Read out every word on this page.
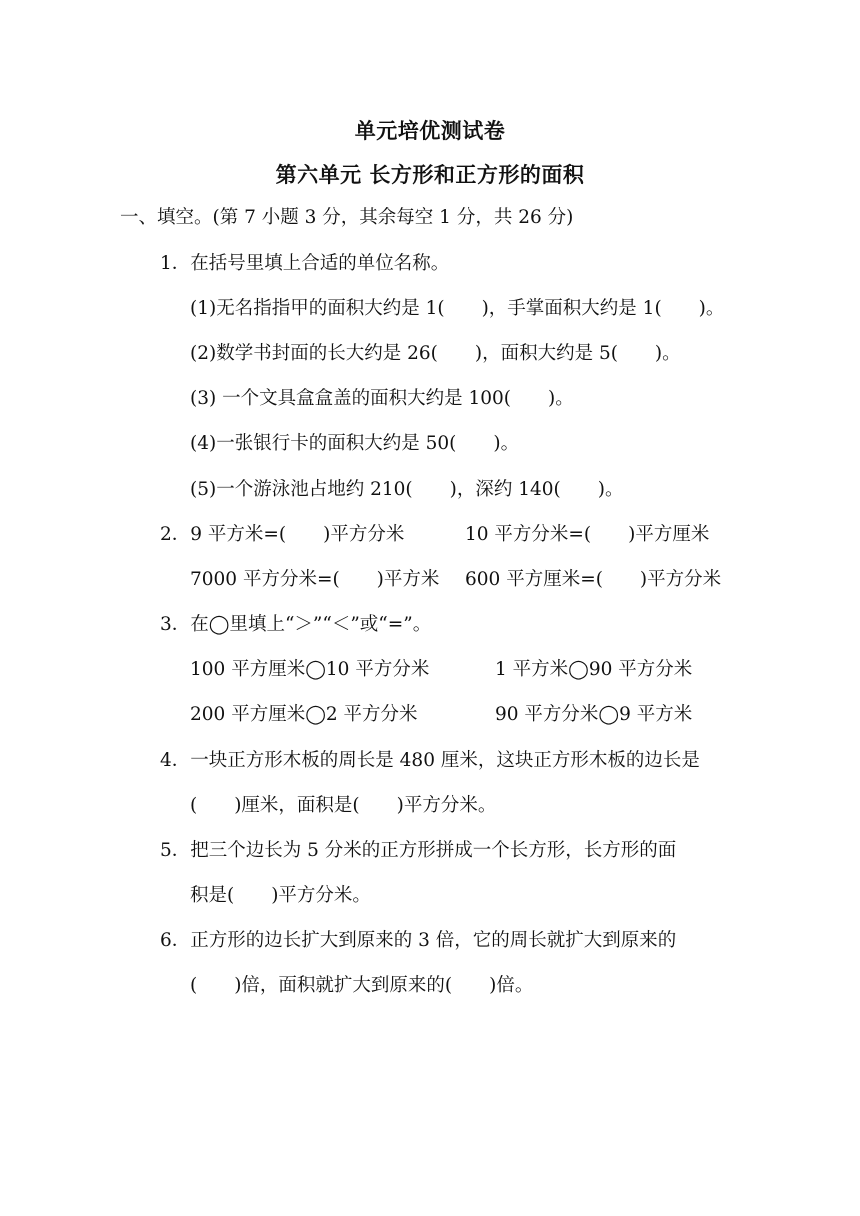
单元培优测试卷
第六单元 长方形和正方形的面积
一、填空。(第 7 小题 3 分，其余每空 1 分，共 26 分)
1．在括号里填上合适的单位名称。
(1)无名指指甲的面积大约是 1(　　)，手掌面积大约是 1(　　)。
(2)数学书封面的长大约是 26(　　)，面积大约是 5(　　)。
(3) 一个文具盒盒盖的面积大约是 100(　　)。
(4)一张银行卡的面积大约是 50(　　)。
(5)一个游泳池占地约 210(　　)，深约 140(　　)。
2．9 平方米=(　　)平方分米	10 平方分米=(　　)平方厘米
7000 平方分米=(　　)平方米 600 平方厘米=(　　)平方分米
3．在◯里填上“＞”“＜”或“=”。
100 平方厘米◯10 平方分米	1 平方米◯90 平方分米
200 平方厘米◯2 平方分米	90 平方分米◯9 平方米
4．一块正方形木板的周长是 480 厘米，这块正方形木板的边长是
(　　)厘米，面积是(　　)平方分米。
5．把三个边长为 5 分米的正方形拼成一个长方形，长方形的面
积是(　　)平方分米。
6．正方形的边长扩大到原来的 3 倍，它的周长就扩大到原来的
(　　)倍，面积就扩大到原来的(　　)倍。
